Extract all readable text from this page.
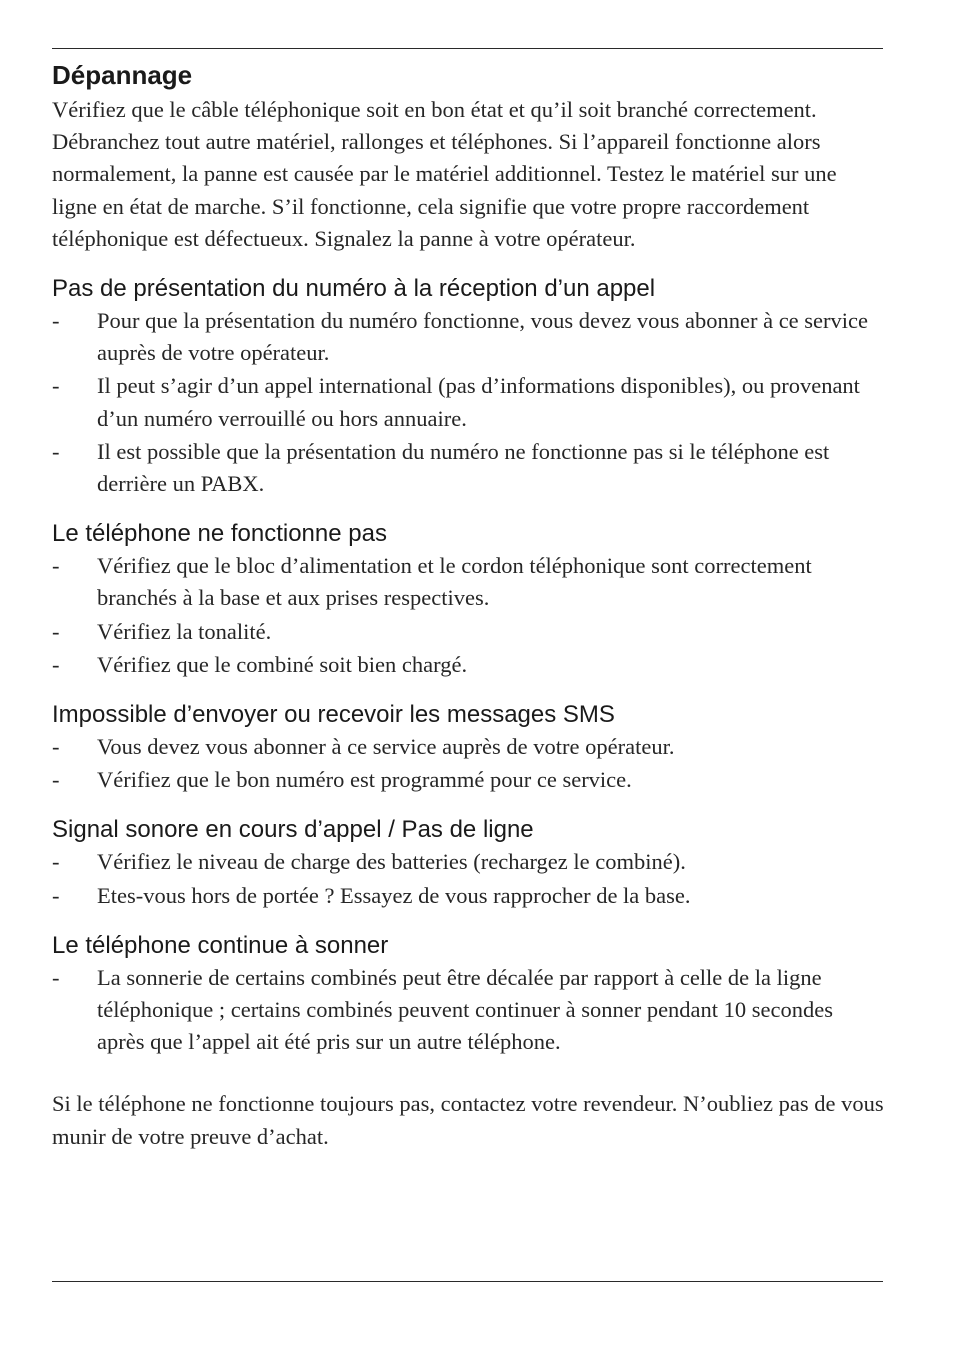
Dépannage

Vérifiez que le câble téléphonique soit en bon état et qu’il soit branché correctement. Débranchez tout autre matériel, rallonges et téléphones. Si l’appareil fonctionne alors normalement, la panne est causée par le matériel additionnel. Testez le matériel sur une ligne en état de marche. S’il fonctionne, cela signifie que votre propre raccordement téléphonique est défectueux. Signalez la panne à votre opérateur.

Pas de présentation du numéro à la réception d’un appel
- Pour que la présentation du numéro fonctionne, vous devez vous abonner à ce service auprès de votre opérateur.
- Il peut s’agir d’un appel international (pas d’informations disponibles), ou provenant d’un numéro verrouillé ou hors annuaire.
- Il est possible que la présentation du numéro ne fonctionne pas si le téléphone est derrière un PABX.
Le téléphone ne fonctionne pas
- Vérifiez que le bloc d’alimentation et le cordon téléphonique sont correctement branchés à la base et aux prises respectives.
- Vérifiez la tonalité.
- Vérifiez que le combiné soit bien chargé.
Impossible d’envoyer ou recevoir les messages SMS
- Vous devez vous abonner à ce service auprès de votre opérateur.
- Vérifiez que le bon numéro est programmé pour ce service.
Signal sonore en cours d’appel / Pas de ligne
- Vérifiez le niveau de charge des batteries (rechargez le combiné).
- Etes-vous hors de portée ? Essayez de vous rapprocher de la base.
Le téléphone continue à sonner
- La sonnerie de certains combinés peut être décalée par rapport à celle de la ligne téléphonique ; certains combinés peuvent continuer à sonner pendant 10 secondes après que l’appel ait été pris sur un autre téléphone.

Si le téléphone ne fonctionne toujours pas, contactez votre revendeur. N’oubliez pas de vous munir de votre preuve d’achat.
